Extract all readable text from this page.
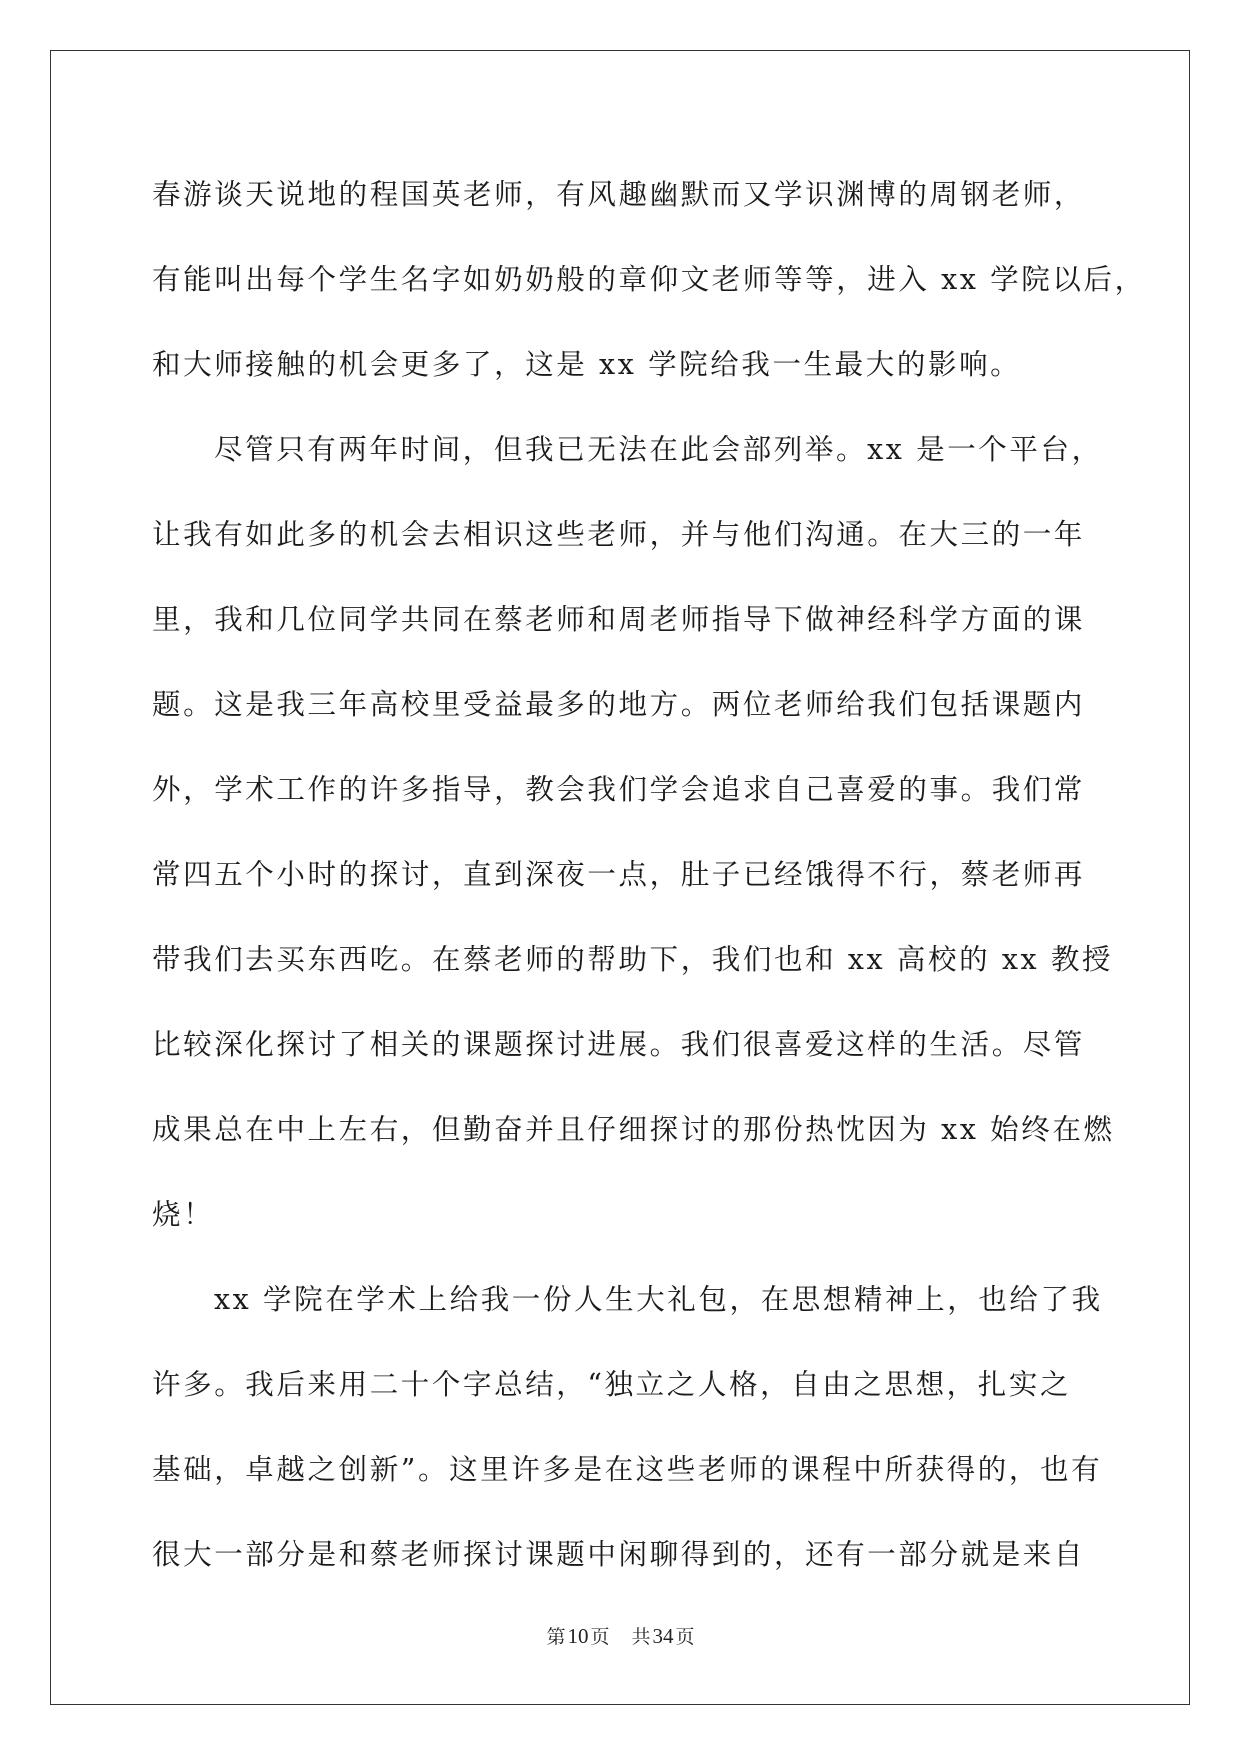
春游谈天说地的程国英老师，有风趣幽默而又学识渊博的周钢老师，
有能叫出每个学生名字如奶奶般的章仰文老师等等，进入 xx 学院以后，
和大师接触的机会更多了，这是 xx 学院给我一生最大的影响。
尽管只有两年时间，但我已无法在此会部列举。xx 是一个平台，
让我有如此多的机会去相识这些老师，并与他们沟通。在大三的一年
里，我和几位同学共同在蔡老师和周老师指导下做神经科学方面的课
题。这是我三年高校里受益最多的地方。两位老师给我们包括课题内
外，学术工作的许多指导，教会我们学会追求自己喜爱的事。我们常
常四五个小时的探讨，直到深夜一点，肚子已经饿得不行，蔡老师再
带我们去买东西吃。在蔡老师的帮助下，我们也和 xx 高校的 xx 教授
比较深化探讨了相关的课题探讨进展。我们很喜爱这样的生活。尽管
成果总在中上左右，但勤奋并且仔细探讨的那份热忱因为 xx 始终在燃
烧！
xx 学院在学术上给我一份人生大礼包，在思想精神上，也给了我
许多。我后来用二十个字总结，“独立之人格，自由之思想，扎实之
基础，卓越之创新”。这里许多是在这些老师的课程中所获得的，也有
很大一部分是和蔡老师探讨课题中闲聊得到的，还有一部分就是来自
第10 页 共34 页
